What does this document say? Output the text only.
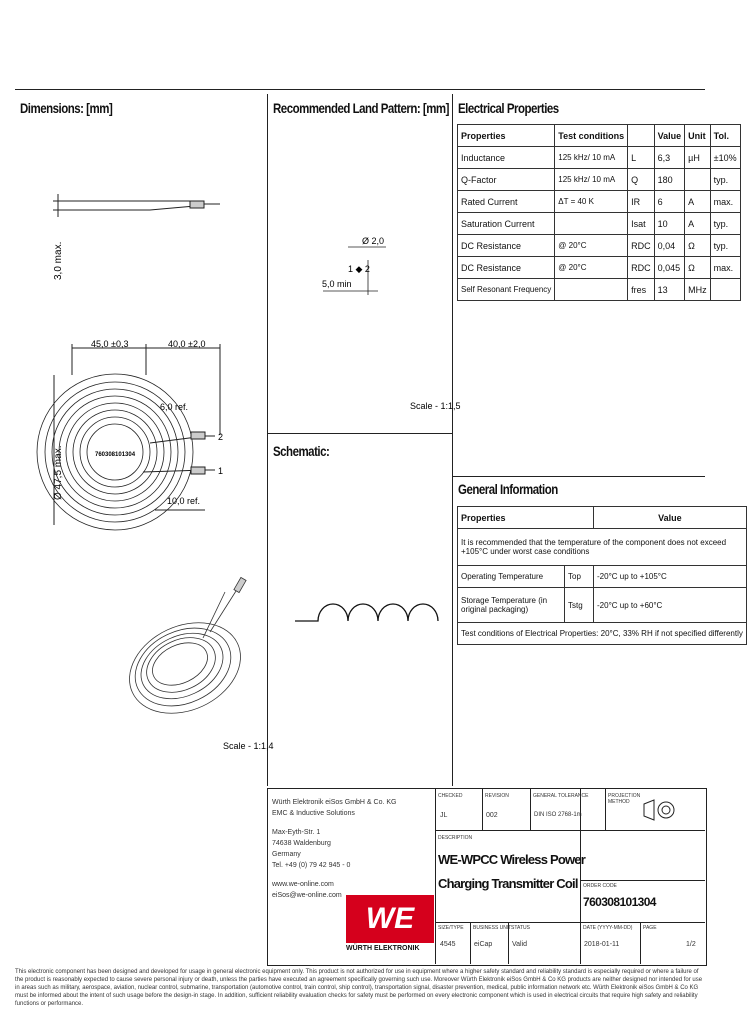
Dimensions: [mm]	Recommended Land Pattern: [mm] Electrical Properties
Schematic:
General Information
3,0 max.
45,0 ±0,3	40,0 ±2,0
6,0 ref.
10,0 ref.
Ø 47,5 max.	760308101304
2
1
Scale - 1:1,4
Ø 2,0
1 ◆ 2
5,0 min
Scale - 1:1,5
Properties	Test conditions		Value	Unit	Tol.
Inductance	125 kHz/ 10 mA	L	6,3	µH	±10%
Q-Factor	125 kHz/ 10 mA	Q	180		typ.
Rated Current	ΔT = 40 K	IR	6	A	max.
Saturation Current		Isat	10	A	typ.
DC Resistance	@ 20°C	RDC	0,04	Ω	typ.
DC Resistance	@ 20°C	RDC	0,045	Ω	max.
Self Resonant Frequency		fres	13	MHz	
Properties		Value
It is recommended that the temperature of the component does not exceed +105°C under worst case conditions		
Operating Temperature	Top	-20°C up to +105°C
Storage Temperature (in original packaging)	Tstg	-20°C up to +60°C
Test conditions of Electrical Properties: 20°C, 33% RH if not specified differently		
Würth Elektronik eiSos GmbH & Co. KG
EMC & Inductive Solutions
Max-Eyth-Str. 1
74638 Waldenburg
Germany
Tel. +49 (0) 79 42 945 - 0
www.we-online.com
eiSos@we-online.com
WE
WÜRTH ELEKTRONIK
CHECKED
JL
REVISION
002
GENERAL TOLERANCE
DIN ISO 2768-1m
PROJECTION METHOD
DESCRIPTION
WE-WPCC Wireless Power
Charging Transmitter Coil ORDER CODE
760308101304
SIZE/TYPE
4545
BUSINESS UNIT
eiCap
STATUS
Valid
DATE (YYYY-MM-DD)
2018-01-11
PAGE
1/2
This electronic component has been designed and developed for usage in general electronic equipment only. This product is not authorized for use in equipment where a higher safety standard and reliability standard is especially required or where a failure of the product is reasonably expected to cause severe personal injury or death, unless the parties have executed an agreement specifically governing such use. Moreover Würth Elektronik eiSos GmbH & Co KG products are neither designed nor intended for use in areas such as military, aerospace, aviation, nuclear control, submarine, transportation (automotive control, train control, ship control), transportation signal, disaster prevention, medical, public information network etc. Würth Elektronik eiSos GmbH & Co KG must be informed about the intent of such usage before the design-in stage. In addition, sufficient reliability evaluation checks for safety must be performed on every electronic component which is used in electrical circuits that require high safety and reliability functions or performance.
